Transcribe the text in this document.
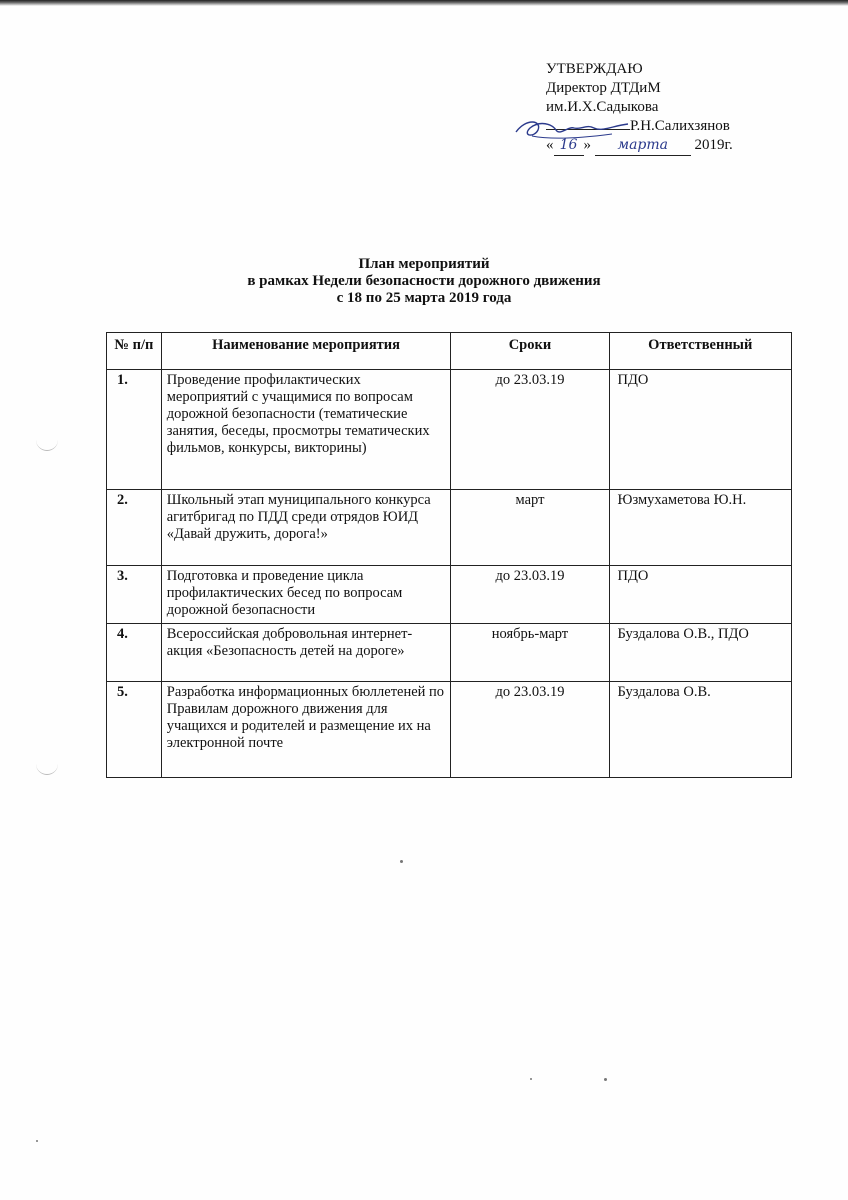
УТВЕРЖДАЮ
Директор ДТДиМ
им.И.Х.Садыкова
Р.Н.Салихзянов
« 16 » марта 2019г.
План мероприятий
в рамках Недели безопасности дорожного движения
с 18 по 25 марта 2019 года
№ п/п	Наименование мероприятия	Сроки	Ответственный
1.	Проведение профилактических мероприятий с учащимися по вопросам дорожной безопасности (тематические занятия, беседы, просмотры тематических фильмов, конкурсы, викторины)	до 23.03.19	ПДО
2.	Школьный этап муниципального конкурса агитбригад по ПДД среди отрядов ЮИД «Давай дружить, дорога!»	март	Юзмухаметова Ю.Н.
3.	Подготовка и проведение цикла профилактических бесед по вопросам дорожной безопасности	до 23.03.19	ПДО
4.	Всероссийская добровольная интернет-акция «Безопасность детей на дороге»	ноябрь-март	Буздалова О.В., ПДО
5.	Разработка информационных бюллетеней по Правилам дорожного движения для учащихся и родителей и размещение их на электронной почте	до 23.03.19	Буздалова О.В.
